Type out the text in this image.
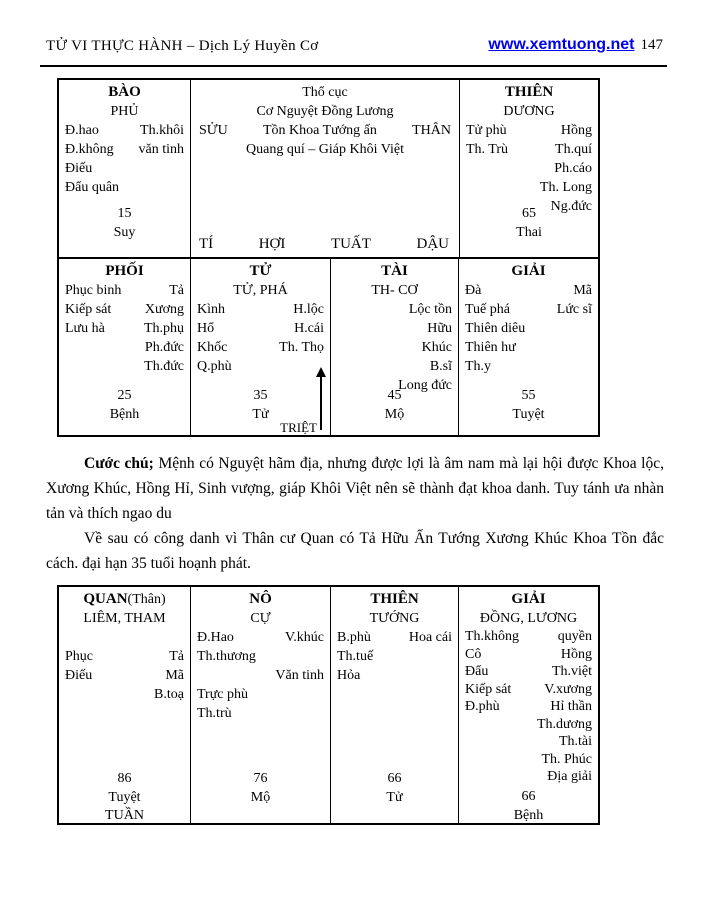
TỬ VI THỰC HÀNH – Dịch Lý Huyền Cơ	www.xemtuong.net 147
BÀO
PHỦ
Đ.hao	Th.khôi
Đ.không văn tinh
Điếu
Đẩu quân
15
Suy
Thổ cục
Cơ Nguyệt Đồng Lương
SỬU	Tồn Khoa Tướng ấn	THÂN
Quang quí – Giáp Khôi Việt
TÍ	HỢI	TUẤT	DẬU
THIÊN
DƯƠNG
Tử phù	Hồng
Th. Trù	Th.quí
Ph.cáo
Th. Long
Ng.đức
65
Thai
PHỐI
Phục binh	Tả
Kiếp sát Xương
Lưu hà	Th.phụ
Ph.đức
Th.đức
25
Bệnh
TỬ
TỬ, PHÁ
Kình	H.lộc
Hổ	H.cái
Khốc	Th. Thọ
Q.phù
35
Tử
TRIỆT
TÀI
TH- CƠ
Lộc tồn
Hữu
Khúc
B.sĩ
Long đức
45
Mộ
GIẢI
Đà	Mã
Tuế phá	Lức sĩ
Thiên diêu
Thiên hư
Th.y
55
Tuyệt

Cước chú; Mệnh có Nguyệt hãm địa, nhưng được lợi là âm nam mà lại hội được Khoa lộc, Xương Khúc, Hồng Hỉ, Sinh vượng, giáp Khôi Việt nên sẽ thành đạt khoa danh. Tuy tánh ưa nhàn tản và thích ngao du

Về sau có công danh vì Thân cư Quan có Tả Hữu Ấn Tướng Xương Khúc Khoa Tồn đắc cách. đại hạn 35 tuổi hoạnh phát.

QUAN(Thân)
LIÊM, THAM
Phục	Tả
Điếu	Mã
B.toạ
86
Tuyệt
TUẦN
NÔ
CỰ
Đ.Hao	V.khúc
Th.thương
Văn tinh
Trực phù
Th.trù
76
Mộ
THIÊN
TƯỚNG
B.phù	Hoa cái
Th.tuế
Hỏa
66
Tử
GIẢI
ĐỒNG, LƯƠNG
Th.không	quyền
Cô	Hồng
Đẩu	Th.việt
Kiếp sát V.xương
Đ.phù	Hỉ thần
Th.dương
Th.tài
Th. Phúc
Địa giải
66
Bệnh
